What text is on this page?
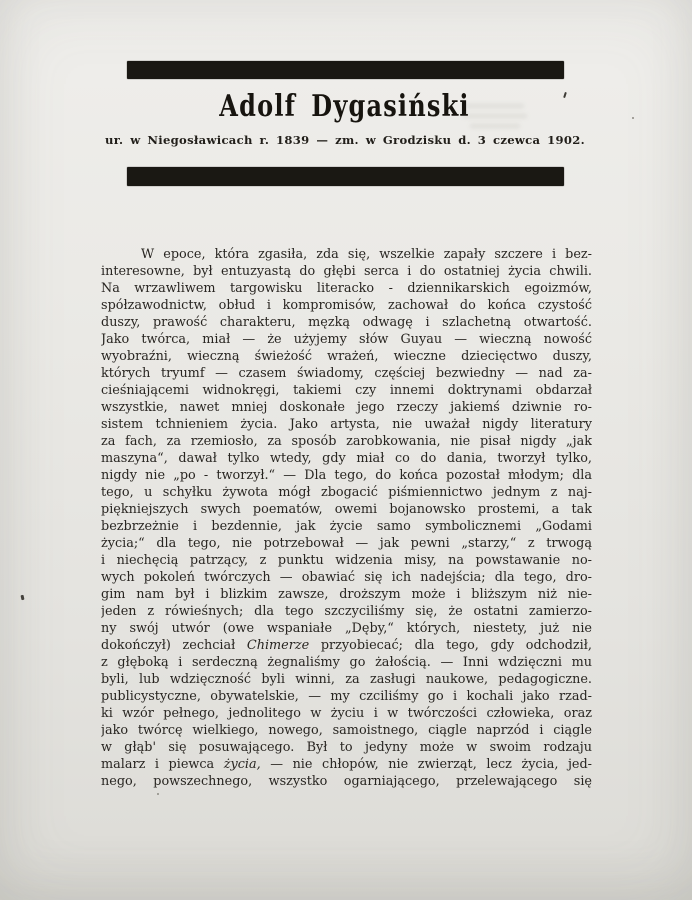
Adolf Dygasiński
ur. w Niegosławicach r. 1839 — zm. w Grodzisku d. 3 czewca 1902.
W epoce, która zgasiła, zda się, wszelkie zapały szczere i bez-
interesowne, był entuzyastą do głębi serca i do ostatniej życia chwili.
Na wrzawliwem targowisku literacko - dziennikarskich egoizmów,
spółzawodnictw, obłud i kompromisów, zachował do końca czystość
duszy, prawość charakteru, męzką odwagę i szlachetną otwartość.
Jako twórca, miał — że użyjemy słów Guyau — wieczną nowość
wyobraźni, wieczną świeżość wrażeń, wieczne dziecięctwo duszy,
których tryumf — czasem świadomy, częściej bezwiedny — nad za-
cieśniającemi widnokręgi, takiemi czy innemi doktrynami obdarzał
wszystkie, nawet mniej doskonałe jego rzeczy jakiemś dziwnie ro-
sistem tchnieniem życia. Jako artysta, nie uważał nigdy literatury
za fach, za rzemiosło, za sposób zarobkowania, nie pisał nigdy „jak
maszyna“, dawał tylko wtedy, gdy miał co do dania, tworzył tylko,
nigdy nie „po - tworzył.“ — Dla tego, do końca pozostał młodym; dla
tego, u schyłku żywota mógł zbogacić piśmiennictwo jednym z naj-
piękniejszych swych poematów, owemi bojanowsko prostemi, a tak
bezbrzeżnie i bezdennie, jak życie samo symbolicznemi „Godami
życia;“ dla tego, nie potrzebował — jak pewni „starzy,“ z trwogą
i niechęcią patrzący, z punktu widzenia misy, na powstawanie no-
wych pokoleń twórczych — obawiać się ich nadejścia; dla tego, dro-
gim nam był i blizkim zawsze, droższym może i bliższym niż nie-
jeden z rówieśnych; dla tego szczyciliśmy się, że ostatni zamierzo-
ny swój utwór (owe wspaniałe „Dęby,“ których, niestety, już nie
dokończył) zechciał Chimerze przyobiecać; dla tego, gdy odchodził,
z głęboką i serdeczną żegnaliśmy go żałością. — Inni wdzięczni mu
byli, lub wdzięczność byli winni, za zasługi naukowe, pedagogiczne.
publicystyczne, obywatelskie, — my czciliśmy go i kochali jako rzad-
ki wzór pełnego, jednolitego w życiu i w twórczości człowieka, oraz
jako twórcę wielkiego, nowego, samoistnego, ciągle naprzód i ciągle
w głąb' się posuwającego. Był to jedyny może w swoim rodzaju
malarz i piewca życia, — nie chłopów, nie zwierząt, lecz życia, jed-
nego, powszechnego, wszystko ogarniającego, przelewającego się
